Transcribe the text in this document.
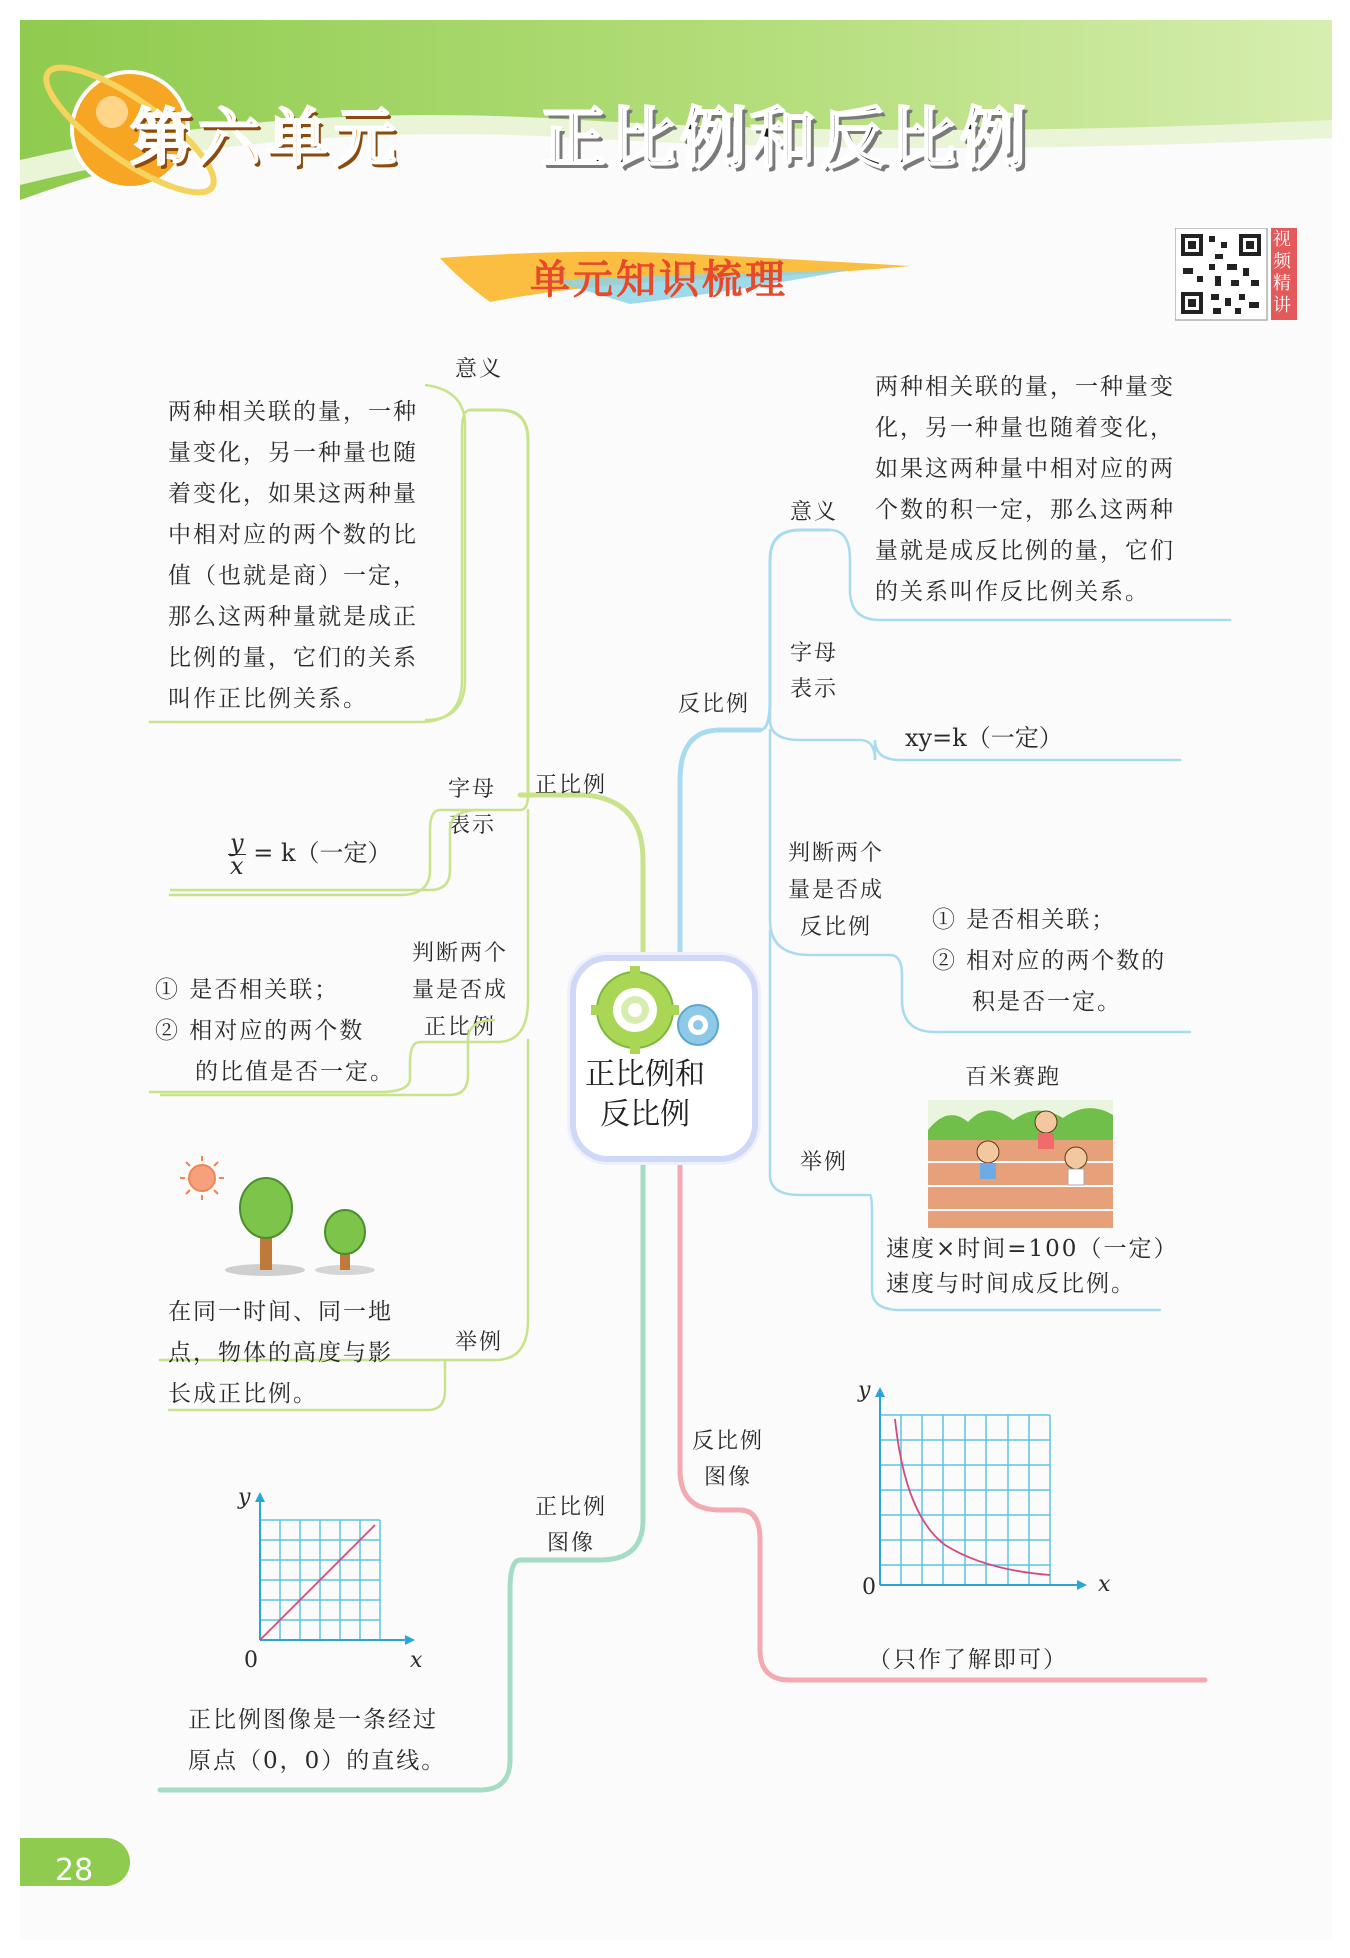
第六单元 正比例和反比例
单元知识梳理
视
频
精
讲
正比例和反比例
正比例
意义
两种相关联的量，一种
量变化，另一种量也随
着变化，如果这两种量
中相对应的两个数的比
值（也就是商）一定，
那么这两种量就是成正
比例的量，它们的关系
叫作正比例关系。
字母
表示
$\frac{y}{x} = k$（一定）
判断两个
量是否成
正比例
① 是否相关联；
② 相对应的两个数
的比值是否一定。
在同一时间、同一地
点，物体的高度与影
长成正比例。
举例
正比例
图像
y
x
0
正比例图像是一条经过
原点（0，0）的直线。
反比例
意义
两种相关联的量，一种量变
化，另一种量也随着变化，
如果这两种量中相对应的两
个数的积一定，那么这两种
量就是成反比例的量，它们
的关系叫作反比例关系。
字母
表示
xy=k（一定）
判断两个
量是否成
反比例	① 是否相关联；
② 相对应的两个数的
积是否一定。
举例
百米赛跑
速度×时间=100（一定）
速度与时间成反比例。
反比例
图像
y
x
0
（只作了解即可）
28
